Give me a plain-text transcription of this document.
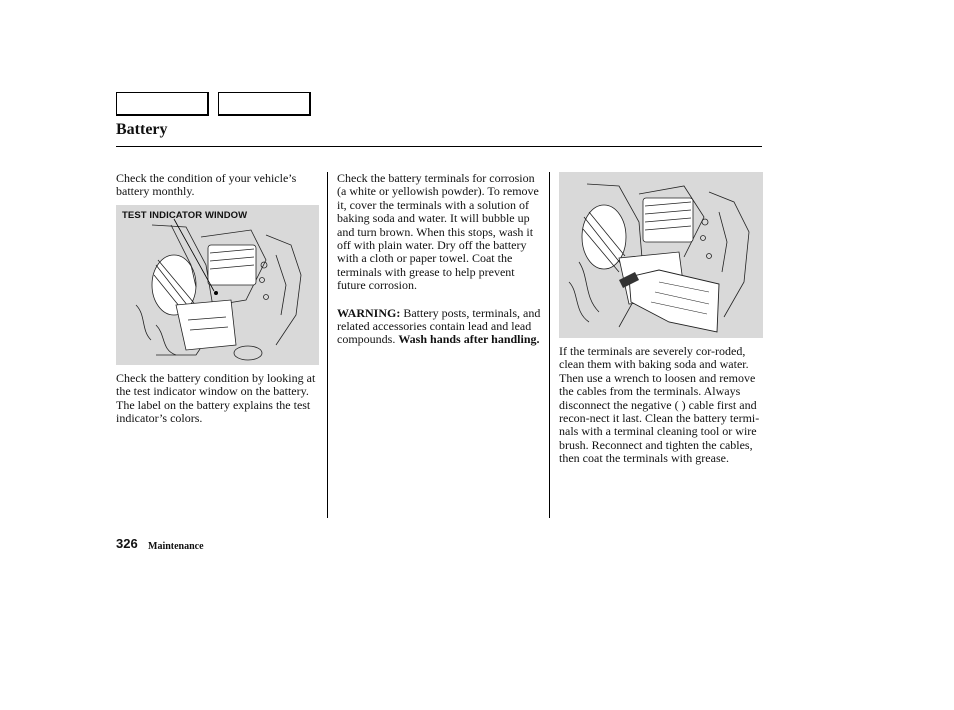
Battery

Check the condition of your vehicle’s battery monthly.

TEST INDICATOR WINDOW

Check the battery condition by looking at the test indicator window on the battery. The label on the battery explains the test indicator’s colors.

Check the battery terminals for corrosion (a white or yellowish powder). To remove it, cover the terminals with a solution of baking soda and water. It will bubble up and turn brown. When this stops, wash it off with plain water. Dry off the battery with a cloth or paper towel. Coat the terminals with grease to help prevent future corrosion.

WARNING: Battery posts, terminals, and related accessories contain lead and lead compounds. Wash hands after handling.

If the terminals are severely cor-roded, clean them with baking soda and water. Then use a wrench to loosen and remove the cables from the terminals. Always disconnect the negative ( ) cable first and recon-nect it last. Clean the battery termi-nals with a terminal cleaning tool or wire brush. Reconnect and tighten the cables, then coat the terminals with grease.

326 Maintenance
